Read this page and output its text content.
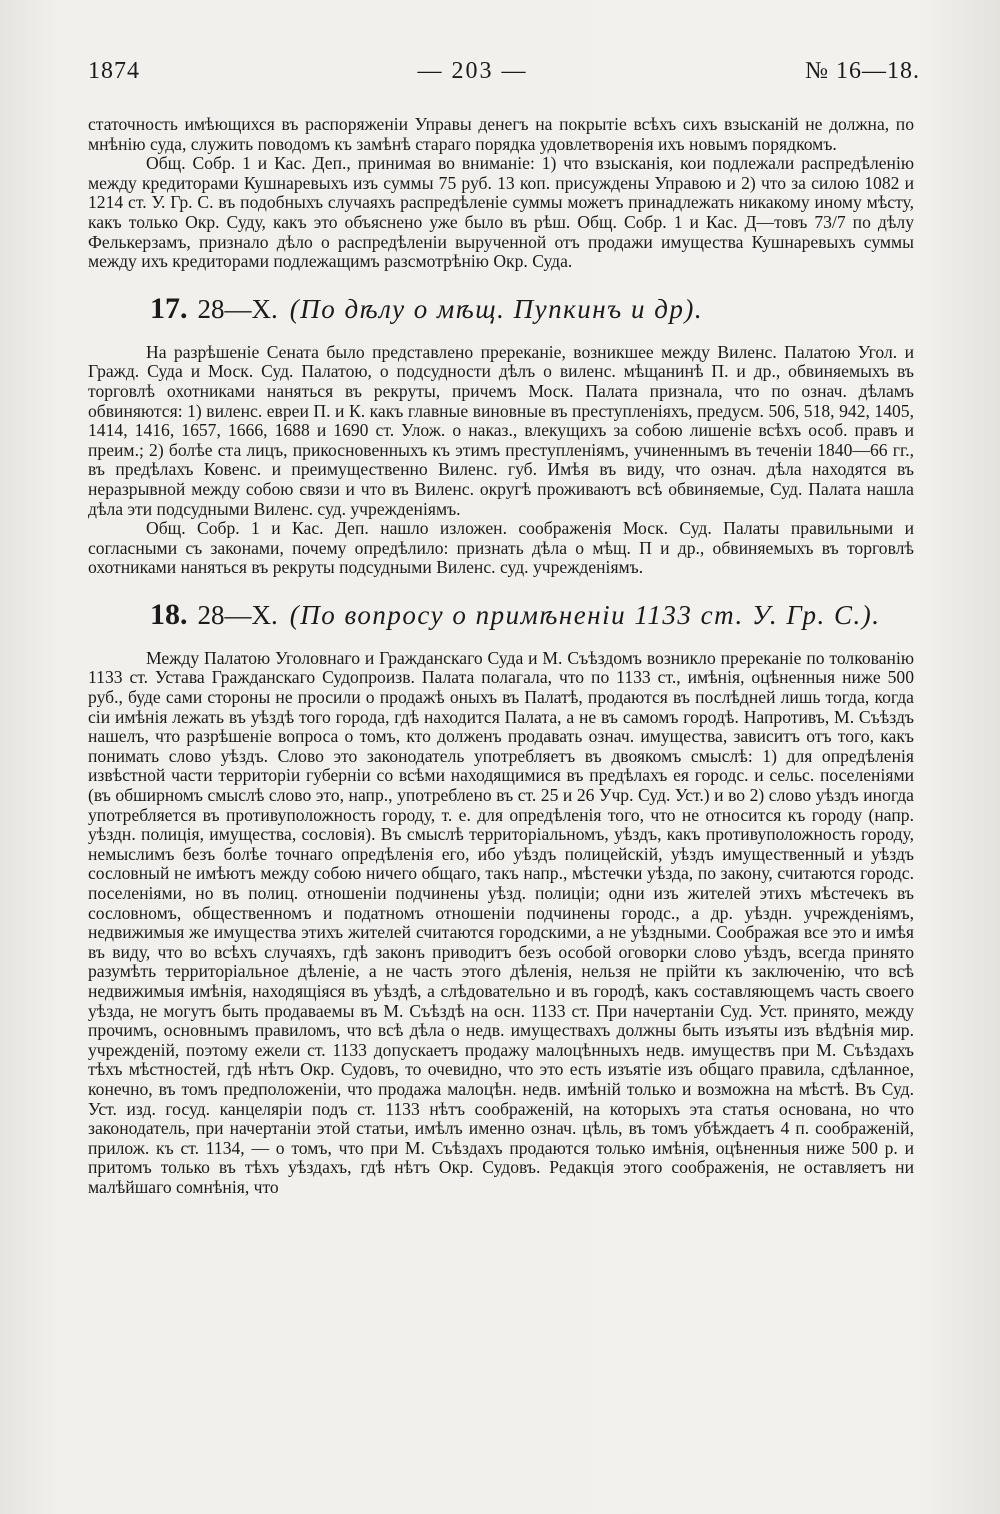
1874	— 203 —	№ 16—18.

статочность имѣющихся въ распоряженіи Управы денегъ на покрытіе всѣхъ сихъ взысканій не должна, по мнѣнію суда, служить поводомъ къ замѣнѣ стараго порядка удовлетворенія ихъ новымъ порядкомъ.

Общ. Собр. 1 и Кас. Деп., принимая во вниманіе: 1) что взысканія, кои подлежали распредѣленію между кредиторами Кушнаревыхъ изъ суммы 75 руб. 13 коп. присуждены Управою и 2) что за силою 1082 и 1214 ст. У. Гр. С. въ подобныхъ случаяхъ распредѣленіе суммы можетъ принадлежать никакому иному мѣсту, какъ только Окр. Суду, какъ это объяснено уже было въ рѣш. Общ. Собр. 1 и Кас. Д—товъ 73/7 по дѣлу Фелькерзамъ, признало дѣло о распредѣленіи вырученной отъ продажи имущества Кушнаревыхъ суммы между ихъ кредиторами подлежащимъ разсмотрѣнію Окр. Суда.

17. 28—X. (По дѣлу о мѣщ. Пупкинъ и др).

На разрѣшеніе Сената было представлено пререканіе, возникшее между Виленс. Палатою Угол. и Гражд. Суда и Моск. Суд. Палатою, о подсудности дѣлъ о виленс. мѣщанинѣ П. и др., обвиняемыхъ въ торговлѣ охотниками наняться въ рекруты, причемъ Моск. Палата признала, что по означ. дѣламъ обвиняются: 1) виленс. евреи П. и К. какъ главные виновные въ преступленіяхъ, предусм. 506, 518, 942, 1405, 1414, 1416, 1657, 1666, 1688 и 1690 ст. Улож. о наказ., влекущихъ за собою лишеніе всѣхъ особ. правъ и преим.; 2) болѣе ста лицъ, прикосновенныхъ къ этимъ преступленіямъ, учиненнымъ въ теченіи 1840—66 гг., въ предѣлахъ Ковенс. и преимущественно Виленс. губ. Имѣя въ виду, что означ. дѣла находятся въ неразрывной между собою связи и что въ Виленс. округѣ проживаютъ всѣ обвиняемые, Суд. Палата нашла дѣла эти подсудными Виленс. суд. учрежденіямъ.

Общ. Собр. 1 и Кас. Деп. нашло изложен. соображенія Моск. Суд. Палаты правильными и согласными съ законами, почему опредѣлило: признать дѣла о мѣщ. П и др., обвиняемыхъ въ торговлѣ охотниками наняться въ рекруты подсудными Виленс. суд. учрежденіямъ.

18. 28—X. (По вопросу о примѣненіи 1133 ст. У. Гр. С.).

Между Палатою Уголовнаго и Гражданскаго Суда и М. Съѣздомъ возникло пререканіе по толкованію 1133 ст. Устава Гражданскаго Судопроизв. Палата полагала, что по 1133 ст., имѣнія, оцѣненныя ниже 500 руб., буде сами стороны не просили о продажѣ оныхъ въ Палатѣ, продаются въ послѣдней лишь тогда, когда сіи имѣнія лежать въ уѣздѣ того города, гдѣ находится Палата, а не въ самомъ городѣ. Напротивъ, М. Съѣздъ нашелъ, что разрѣшеніе вопроса о томъ, кто долженъ продавать означ. имущества, зависитъ отъ того, какъ понимать слово уѣздъ. Слово это законодатель употребляетъ въ двоякомъ смыслѣ: 1) для опредѣленія извѣстной части территоріи губерніи со всѣми находящимися въ предѣлахъ ея городс. и сельс. поселеніями (въ обширномъ смыслѣ слово это, напр., употреблено въ ст. 25 и 26 Учр. Суд. Уст.) и во 2) слово уѣздъ иногда употребляется въ противуположность городу, т. е. для опредѣленія того, что не относится къ городу (напр. уѣздн. полиція, имущества, сословія). Въ смыслѣ территоріальномъ, уѣздъ, какъ противуположность городу, немыслимъ безъ болѣе точнаго опредѣленія его, ибо уѣздъ полицейскій, уѣздъ имущественный и уѣздъ сословный не имѣютъ между собою ничего общаго, такъ напр., мѣстечки уѣзда, по закону, считаются городс. поселеніями, но въ полиц. отношеніи подчинены уѣзд. полиціи; одни изъ жителей этихъ мѣстечекъ въ сословномъ, общественномъ и податномъ отношеніи подчинены городс., а др. уѣздн. учрежденіямъ, недвижимыя же имущества этихъ жителей считаются городскими, а не уѣздными. Соображая все это и имѣя въ виду, что во всѣхъ случаяхъ, гдѣ законъ приводитъ безъ особой оговорки слово уѣздъ, всегда принято разумѣть территоріальное дѣленіе, а не часть этого дѣленія, нельзя не прійти къ заключенію, что всѣ недвижимыя имѣнія, находящіяся въ уѣздѣ, а слѣдовательно и въ городѣ, какъ составляющемъ часть своего уѣзда, не могутъ быть продаваемы въ М. Съѣздѣ на осн. 1133 ст. При начертаніи Суд. Уст. принято, между прочимъ, основнымъ правиломъ, что всѣ дѣла о недв. имуществахъ должны быть изъяты изъ вѣдѣнія мир. учрежденій, поэтому ежели ст. 1133 допускаетъ продажу малоцѣнныхъ недв. имуществъ при М. Съѣздахъ тѣхъ мѣстностей, гдѣ нѣтъ Окр. Судовъ, то очевидно, что это есть изъятіе изъ общаго правила, сдѣланное, конечно, въ томъ предположеніи, что продажа малоцѣн. недв. имѣній только и возможна на мѣстѣ. Въ Суд. Уст. изд. госуд. канцеляріи подъ ст. 1133 нѣтъ соображеній, на которыхъ эта статья основана, но что законодатель, при начертаніи этой статьи, имѣлъ именно означ. цѣль, въ томъ убѣждаетъ 4 п. соображеній, прилож. къ ст. 1134, — о томъ, что при М. Съѣздахъ продаются только имѣнія, оцѣненныя ниже 500 р. и притомъ только въ тѣхъ уѣздахъ, гдѣ нѣтъ Окр. Судовъ. Редакція этого соображенія, не оставляетъ ни малѣйшаго сомнѣнія, что
